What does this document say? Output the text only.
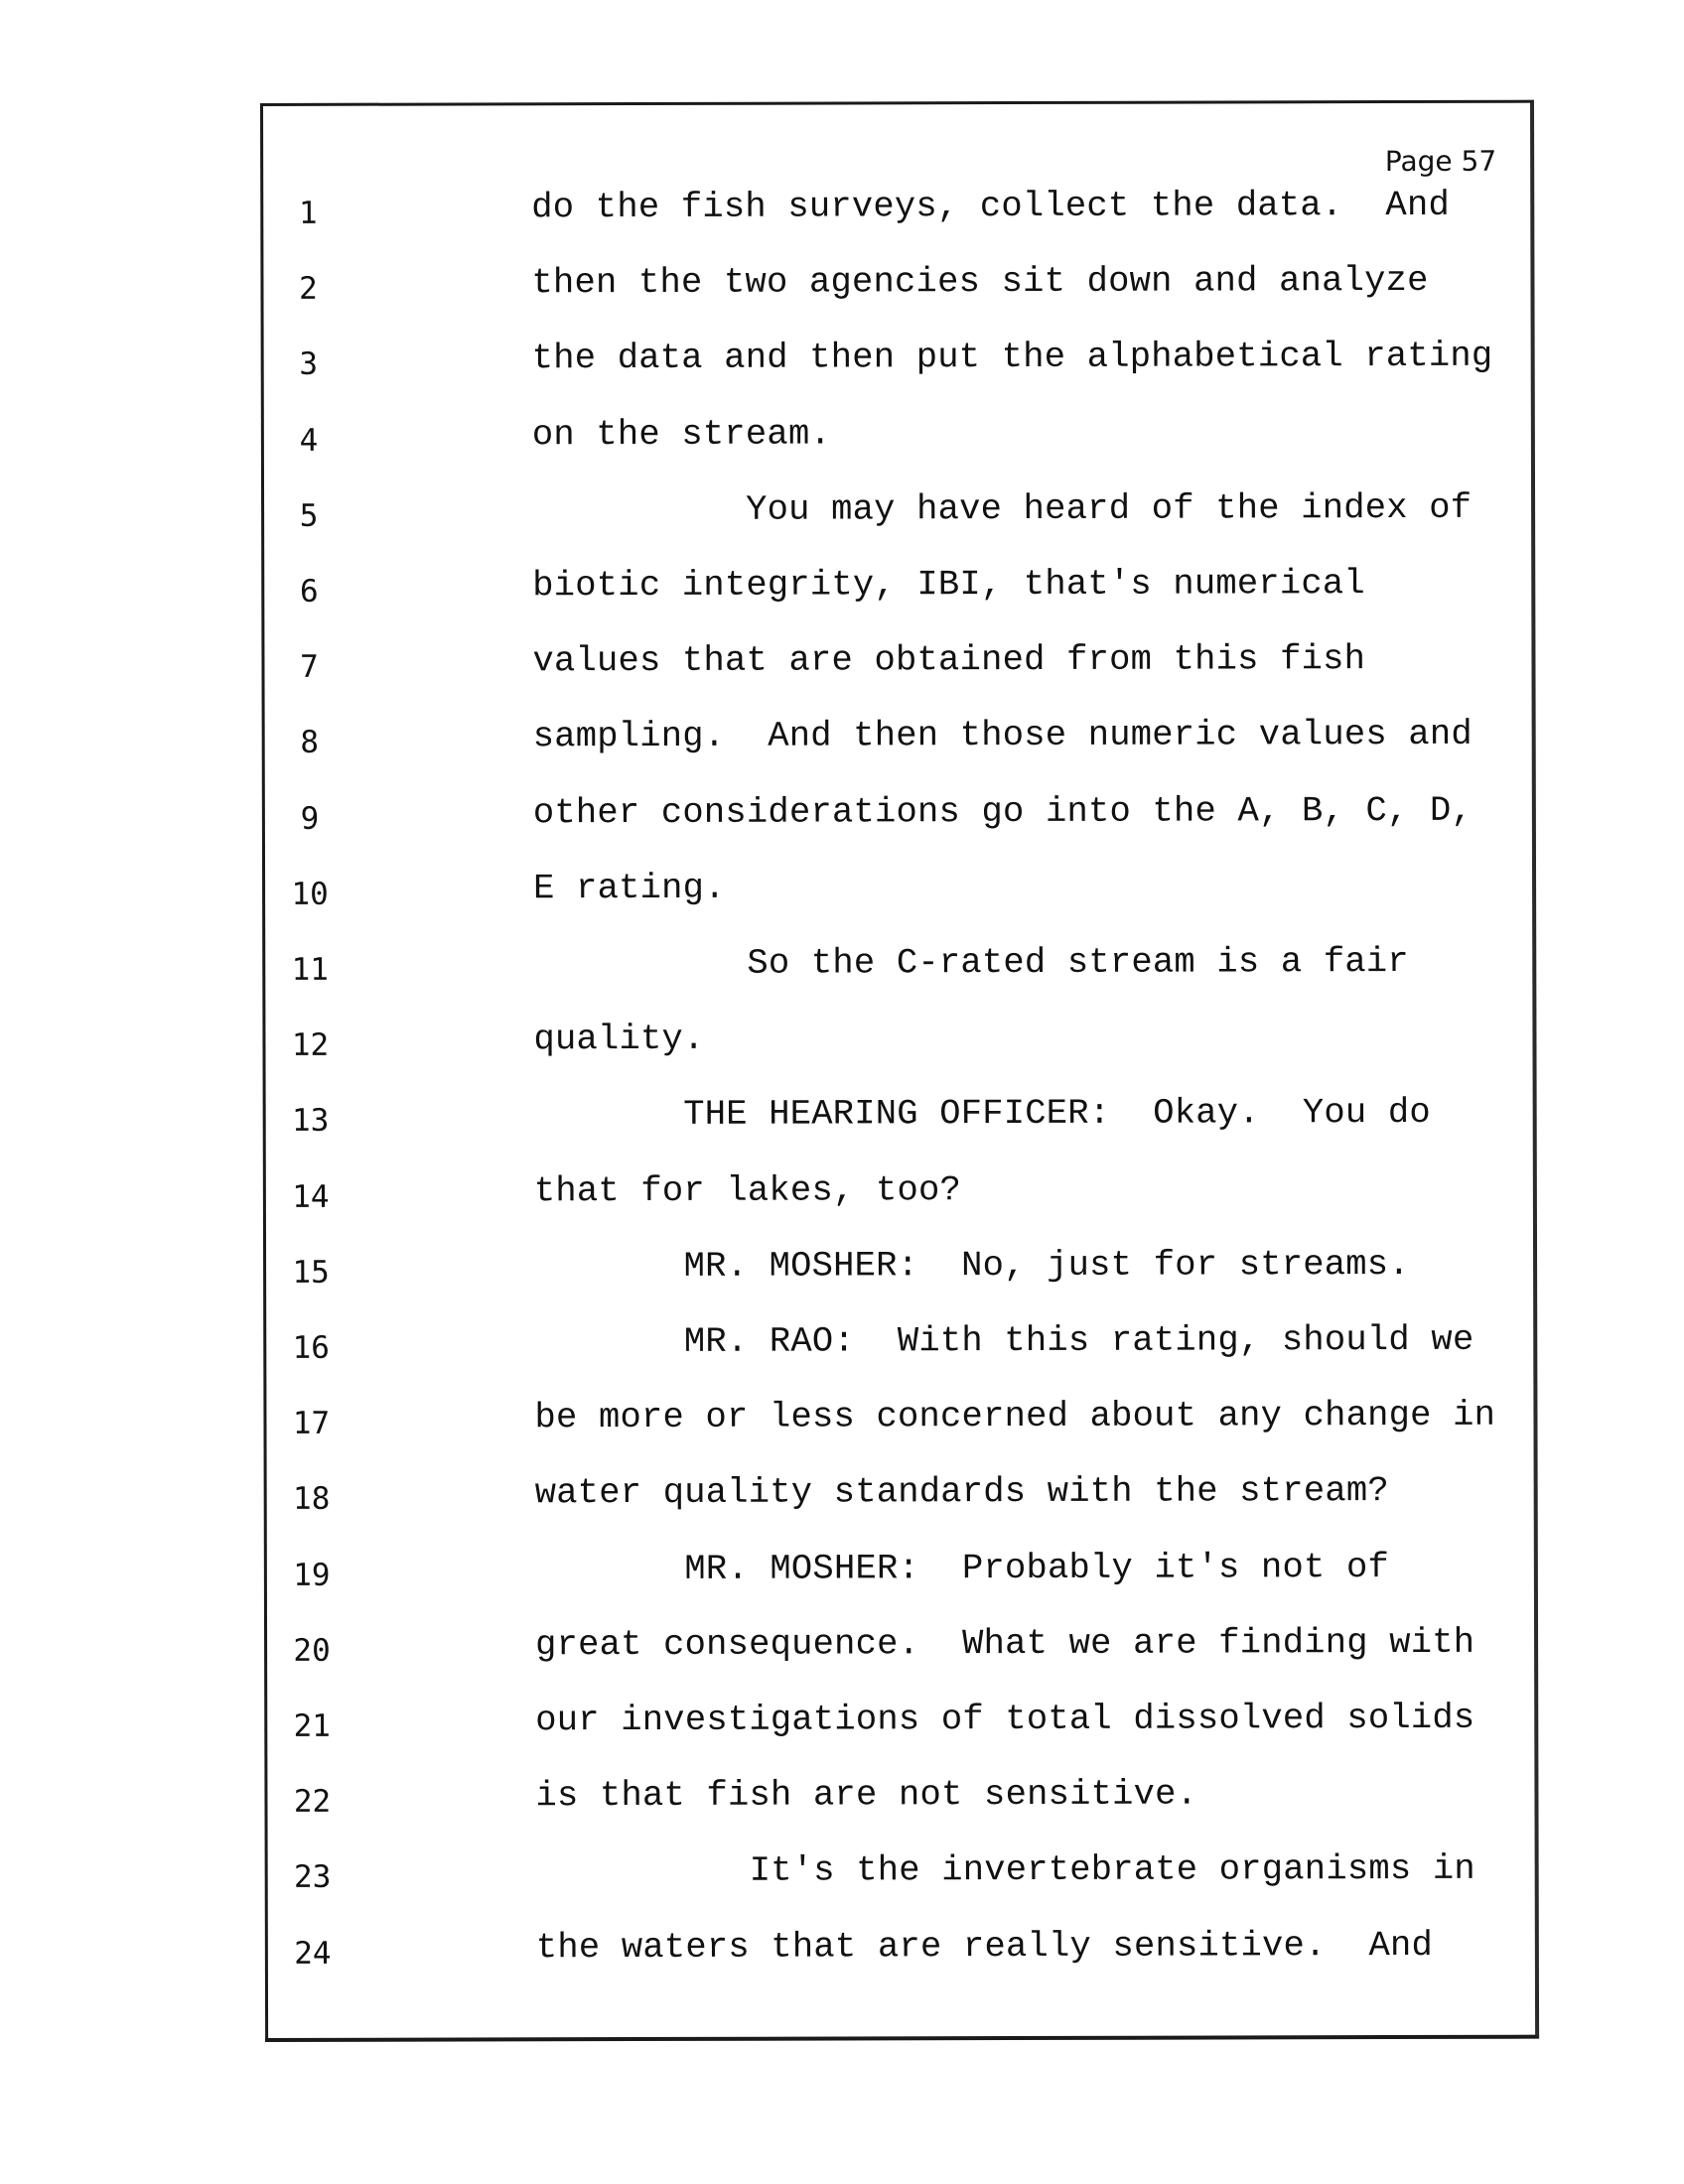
Page 57
1	do the fish surveys, collect the data.  And
2	then the two agencies sit down and analyze
3	the data and then put the alphabetical rating
4	on the stream.
5	You may have heard of the index of
6	biotic integrity, IBI, that's numerical
7	values that are obtained from this fish
8	sampling.  And then those numeric values and
9	other considerations go into the A, B, C, D,
10	E rating.
11	So the C-rated stream is a fair
12	quality.
13	THE HEARING OFFICER:  Okay.  You do
14	that for lakes, too?
15	MR. MOSHER:  No, just for streams.
16	MR. RAO:  With this rating, should we
17	be more or less concerned about any change in
18	water quality standards with the stream?
19	MR. MOSHER:  Probably it's not of
20	great consequence.  What we are finding with
21	our investigations of total dissolved solids
22	is that fish are not sensitive.
23	It's the invertebrate organisms in
24	the waters that are really sensitive.  And
